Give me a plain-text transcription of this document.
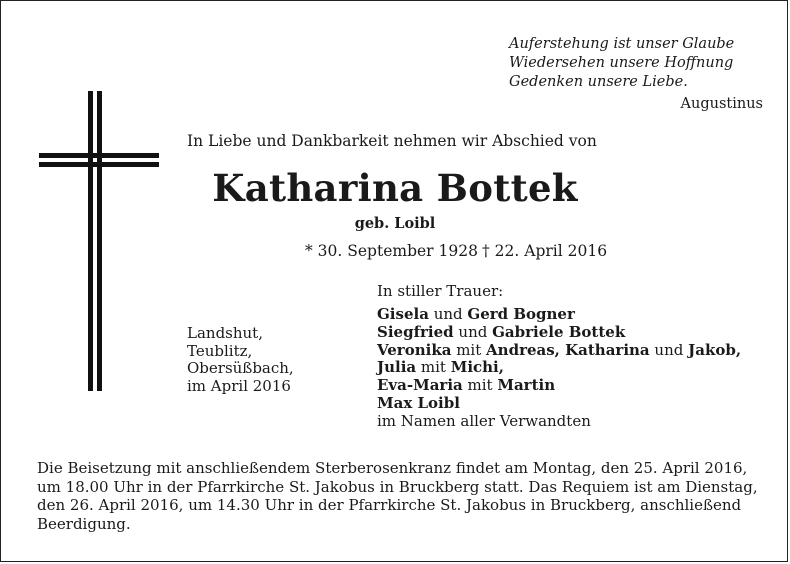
Auferstehung ist unser Glaube
Wiedersehen unsere Hoffnung
Gedenken unsere Liebe.
Augustinus
In Liebe und Dankbarkeit nehmen wir Abschied von
Katharina Bottek
geb. Loibl
* 30. September 1928 † 22. April 2016
In stiller Trauer:
Landshut,
Teublitz,
Obersüßbach,
im April 2016
Gisela und Gerd Bogner
Siegfried und Gabriele Bottek
Veronika mit Andreas, Katharina und Jakob,
Julia mit Michi,
Eva-Maria mit Martin
Max Loibl
im Namen aller Verwandten
Die Beisetzung mit anschließendem Sterberosenkranz findet am Montag, den 25. April 2016,
um 18.00 Uhr in der Pfarrkirche St. Jakobus in Bruckberg statt. Das Requiem ist am Dienstag,
den 26. April 2016, um 14.30 Uhr in der Pfarrkirche St. Jakobus in Bruckberg, anschließend
Beerdigung.
